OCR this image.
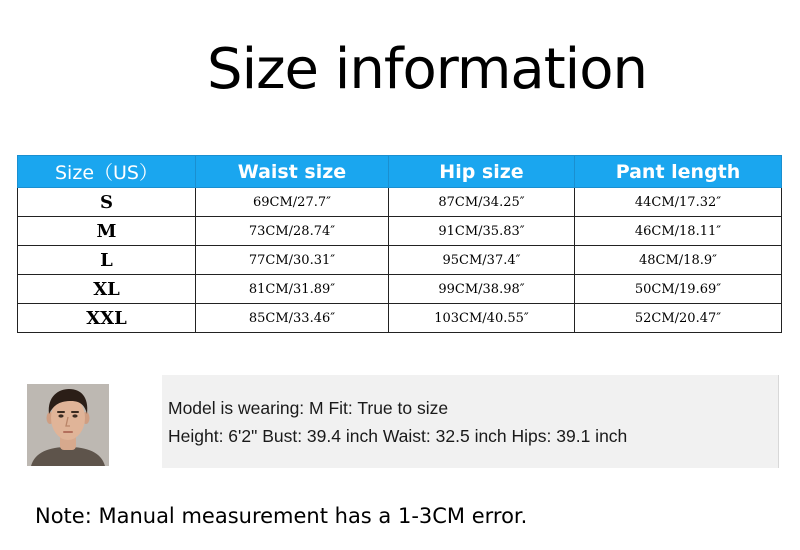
Size information
Size（US）	Waist size	Hip size	Pant length
S	69CM/27.7″	87CM/34.25″	44CM/17.32″
M	73CM/28.74″	91CM/35.83″	46CM/18.11″
L	77CM/30.31″	95CM/37.4″	48CM/18.9″
XL	81CM/31.89″	99CM/38.98″	50CM/19.69″
XXL	85CM/33.46″	103CM/40.55″	52CM/20.47″
Model is wearing: M Fit: True to size
Height: 6'2" Bust: 39.4 inch Waist: 32.5 inch Hips: 39.1 inch
Note: Manual measurement has a 1-3CM error.
